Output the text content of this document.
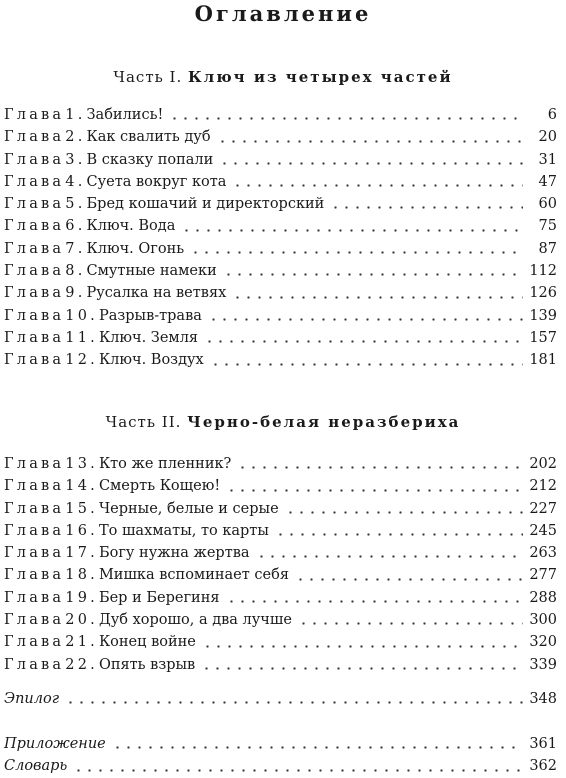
Оглавление
Часть I. Ключ из четырех частей
Глава 1. Забились!	6
Глава 2. Как свалить дуб	20
Глава 3. В сказку попали	31
Глава 4. Суета вокруг кота	47
Глава 5. Бред кошачий и директорский	60
Глава 6. Ключ. Вода	75
Глава 7. Ключ. Огонь	87
Глава 8. Смутные намеки	112
Глава 9. Русалка на ветвях	126
Глава 10. Разрыв-трава	139
Глава 11. Ключ. Земля	157
Глава 12. Ключ. Воздух	181
Часть II. Черно-белая неразбериха
Глава 13. Кто же пленник?	202
Глава 14. Смерть Кощею!	212
Глава 15. Черные, белые и серые	227
Глава 16. То шахматы, то карты	245
Глава 17. Богу нужна жертва	263
Глава 18. Мишка вспоминает себя	277
Глава 19. Бер и Берегиня	288
Глава 20. Дуб хорошо, а два лучше	300
Глава 21. Конец войне	320
Глава 22. Опять взрыв	339
Эпилог	348
Приложение	361
Словарь	362
